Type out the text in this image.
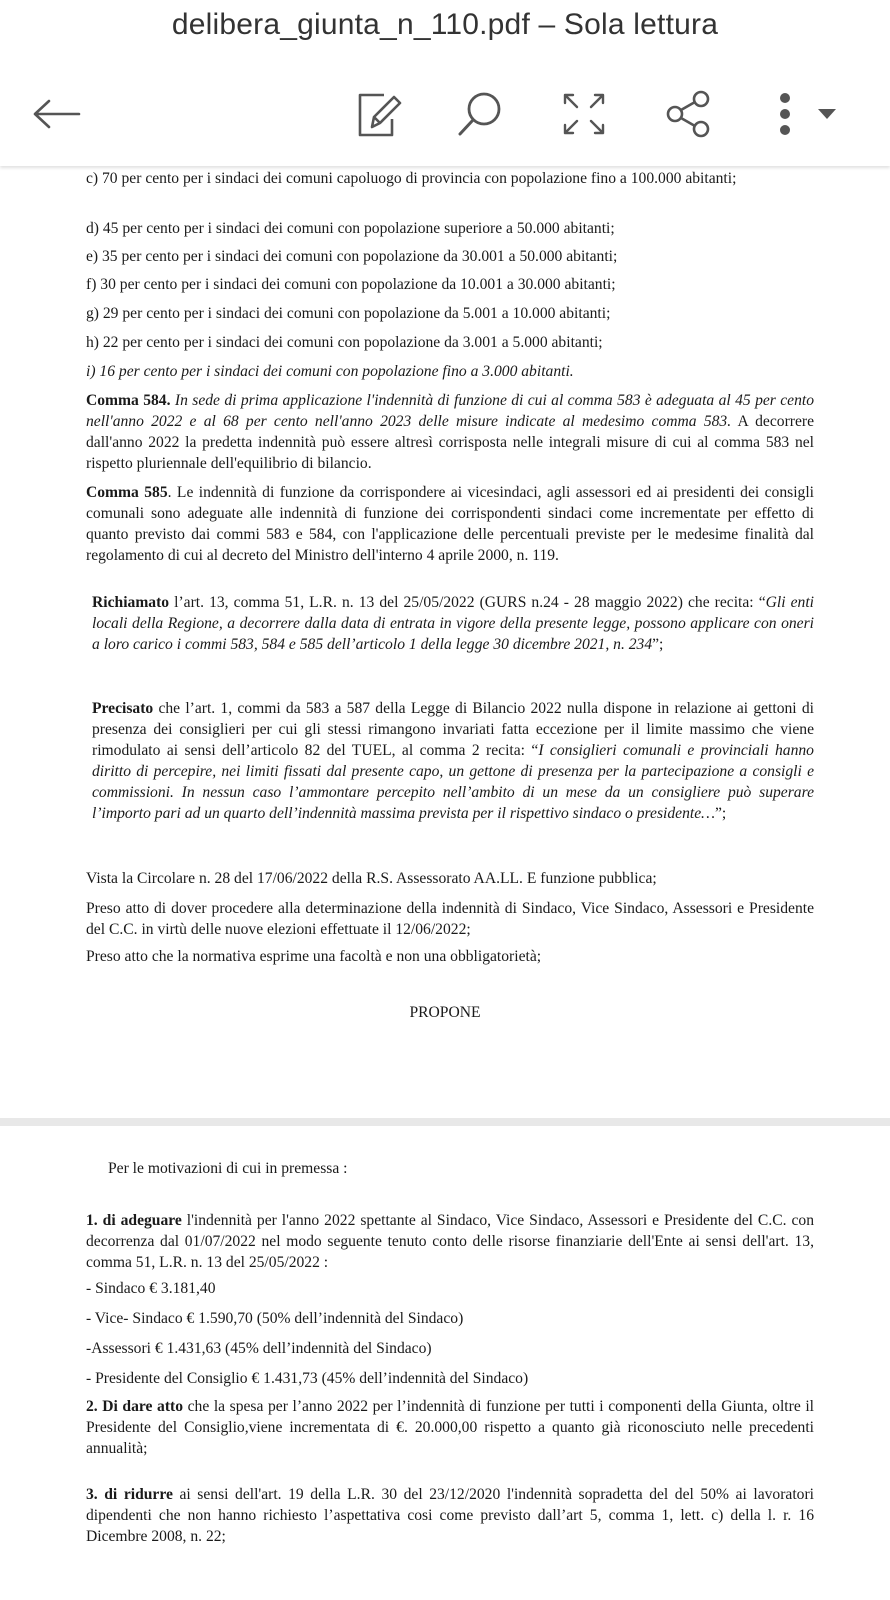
delibera_giunta_n_110.pdf – Sola lettura

c) 70 per cento per i sindaci dei comuni capoluogo di provincia con popolazione fino a 100.000 abitanti;

d) 45 per cento per i sindaci dei comuni con popolazione superiore a 50.000 abitanti;

e) 35 per cento per i sindaci dei comuni con popolazione da 30.001 a 50.000 abitanti;

f) 30 per cento per i sindaci dei comuni con popolazione da 10.001 a 30.000 abitanti;

g) 29 per cento per i sindaci dei comuni con popolazione da 5.001 a 10.000 abitanti;

h) 22 per cento per i sindaci dei comuni con popolazione da 3.001 a 5.000 abitanti;

i) 16 per cento per i sindaci dei comuni con popolazione fino a 3.000 abitanti.

Comma 584. In sede di prima applicazione l'indennità di funzione di cui al comma 583 è adeguata al 45 per cento nell'anno 2022 e al 68 per cento nell'anno 2023 delle misure indicate al medesimo comma 583. A decorrere dall'anno 2022 la predetta indennità può essere altresì corrisposta nelle integrali misure di cui al comma 583 nel rispetto pluriennale dell'equilibrio di bilancio.

Comma 585. Le indennità di funzione da corrispondere ai vicesindaci, agli assessori ed ai presidenti dei consigli comunali sono adeguate alle indennità di funzione dei corrispondenti sindaci come incrementate per effetto di quanto previsto dai commi 583 e 584, con l'applicazione delle percentuali previste per le medesime finalità dal regolamento di cui al decreto del Ministro dell'interno 4 aprile 2000, n. 119.

Richiamato l’art. 13, comma 51, L.R. n. 13 del 25/05/2022 (GURS n.24 - 28 maggio 2022) che recita: “Gli enti locali della Regione, a decorrere dalla data di entrata in vigore della presente legge, possono applicare con oneri a loro carico i commi 583, 584 e 585 dell’articolo 1 della legge 30 dicembre 2021, n. 234”;

Precisato che l’art. 1, commi da 583 a 587 della Legge di Bilancio 2022 nulla dispone in relazione ai gettoni di presenza dei consiglieri per cui gli stessi rimangono invariati fatta eccezione per il limite massimo che viene rimodulato ai sensi dell’articolo 82 del TUEL, al comma 2 recita: “I consiglieri comunali e provinciali hanno diritto di percepire, nei limiti fissati dal presente capo, un gettone di presenza per la partecipazione a consigli e commissioni. In nessun caso l’ammontare percepito nell’ambito di un mese da un consigliere può superare l’importo pari ad un quarto dell’indennità massima prevista per il rispettivo sindaco o presidente…”;

Vista la Circolare n. 28 del 17/06/2022 della R.S. Assessorato AA.LL. E funzione pubblica;

Preso atto di dover procedere alla determinazione della indennità di Sindaco, Vice Sindaco, Assessori e Presidente del C.C. in virtù delle nuove elezioni effettuate il 12/06/2022;

Preso atto che la normativa esprime una facoltà e non una obbligatorietà;

PROPONE

Per le motivazioni di cui in premessa :

1. di adeguare l'indennità per l'anno 2022 spettante al Sindaco, Vice Sindaco, Assessori e Presidente del C.C. con decorrenza dal 01/07/2022 nel modo seguente tenuto conto delle risorse finanziarie dell'Ente ai sensi dell'art. 13, comma 51, L.R. n. 13 del 25/05/2022 :

- Sindaco € 3.181,40

- Vice- Sindaco € 1.590,70 (50% dell’indennità del Sindaco)

-Assessori € 1.431,63 (45% dell’indennità del Sindaco)

- Presidente del Consiglio € 1.431,73 (45% dell’indennità del Sindaco)

2. Di dare atto che la spesa per l’anno 2022 per l’indennità di funzione per tutti i componenti della Giunta, oltre il Presidente del Consiglio,viene incrementata di €. 20.000,00 rispetto a quanto già riconosciuto nelle precedenti annualità;

3. di ridurre ai sensi dell'art. 19 della L.R. 30 del 23/12/2020 l'indennità sopradetta del del 50% ai lavoratori dipendenti che non hanno richiesto l’aspettativa cosi come previsto dall’art 5, comma 1, lett. c) della l. r. 16 Dicembre 2008, n. 22;
